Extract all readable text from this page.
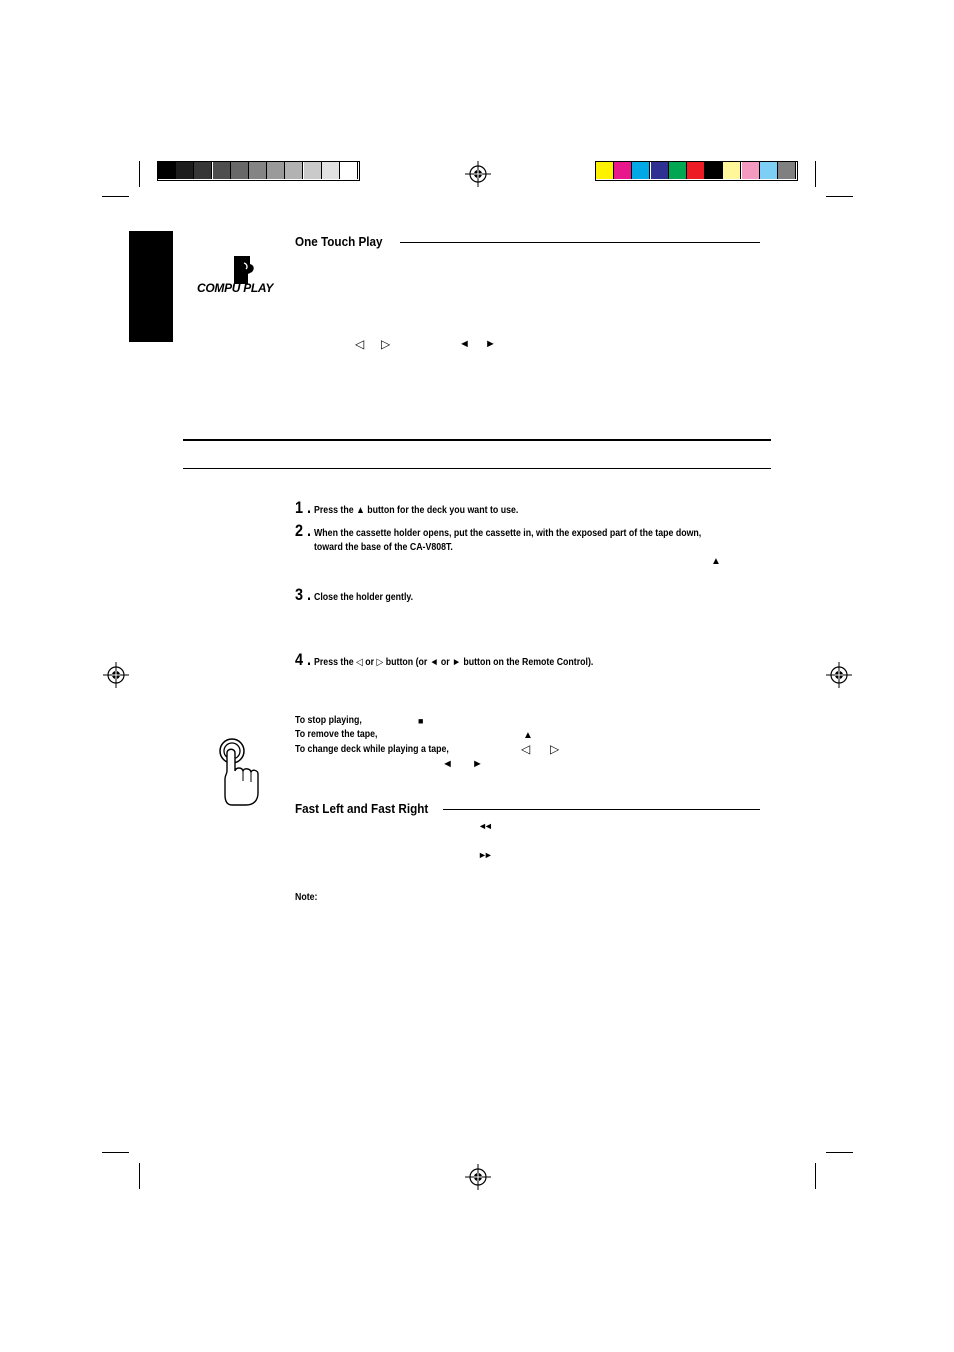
COMPU PLAY
One Touch Play
◁ ▷	◄ ►
1 . Press the ▲ button for the deck you want to use.
2 . When the cassette holder opens, put the cassette in, with the exposed part of the tape down,
toward the base of the CA-V808T.
▲
3 . Close the holder gently.
4 . Press the ◁ or ▷ button (or ◄ or ► button on the Remote Control).
To stop playing,	■
To remove the tape,	▲
To change deck while playing a tape,	◁ ▷
◄ ►
Fast Left and Fast Right
◄◄
►►
Note:
